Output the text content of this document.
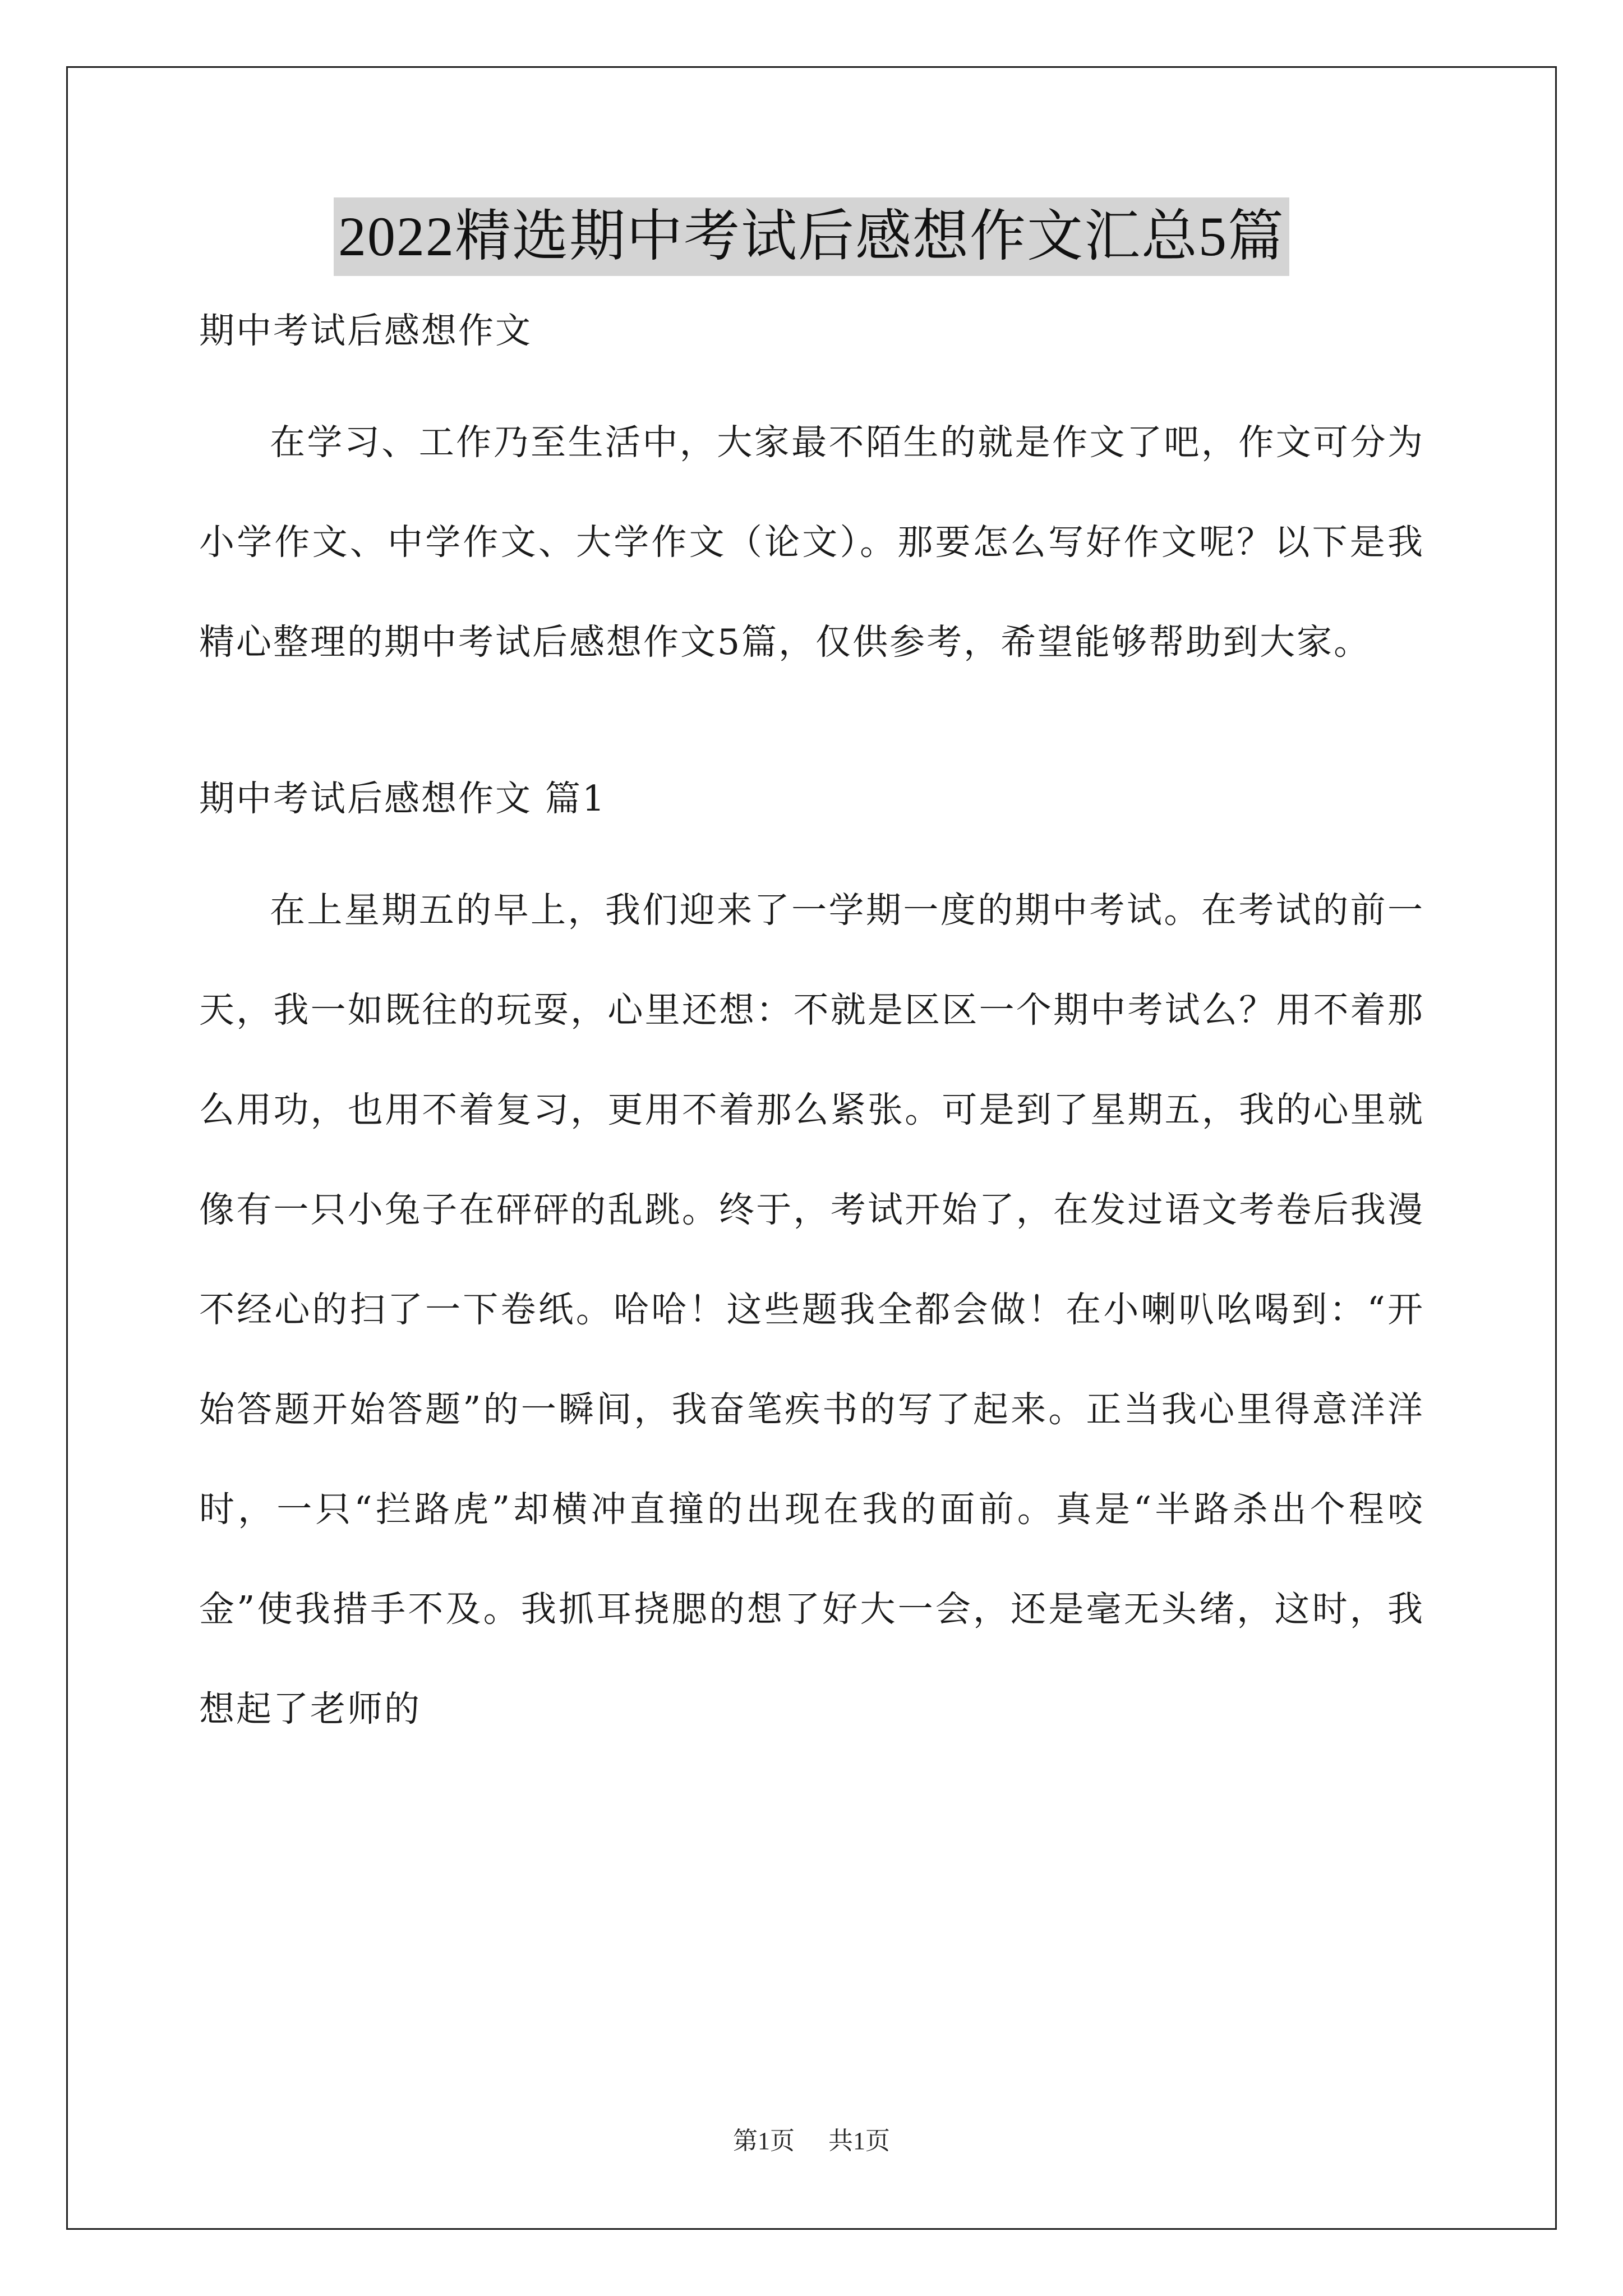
2022精选期中考试后感想作文汇总5篇

期中考试后感想作文

在学习、工作乃至生活中，大家最不陌生的就是作文了吧，作文可分为小学作文、中学作文、大学作文（论文）。那要怎么写好作文呢？以下是我精心整理的期中考试后感想作文5篇，仅供参考，希望能够帮助到大家。

期中考试后感想作文 篇1

在上星期五的早上，我们迎来了一学期一度的期中考试。在考试的前一天，我一如既往的玩耍，心里还想：不就是区区一个期中考试么？用不着那么用功，也用不着复习，更用不着那么紧张。可是到了星期五，我的心里就像有一只小兔子在砰砰的乱跳。终于，考试开始了，在发过语文考卷后我漫不经心的扫了一下卷纸。哈哈！这些题我全都会做！在小喇叭吆喝到：“开始答题开始答题”的一瞬间，我奋笔疾书的写了起来。正当我心里得意洋洋时，一只“拦路虎”却横冲直撞的出现在我的面前。真是“半路杀出个程咬金”使我措手不及。我抓耳挠腮的想了好大一会，还是毫无头绪，这时，我想起了老师的

第1页 共1页
